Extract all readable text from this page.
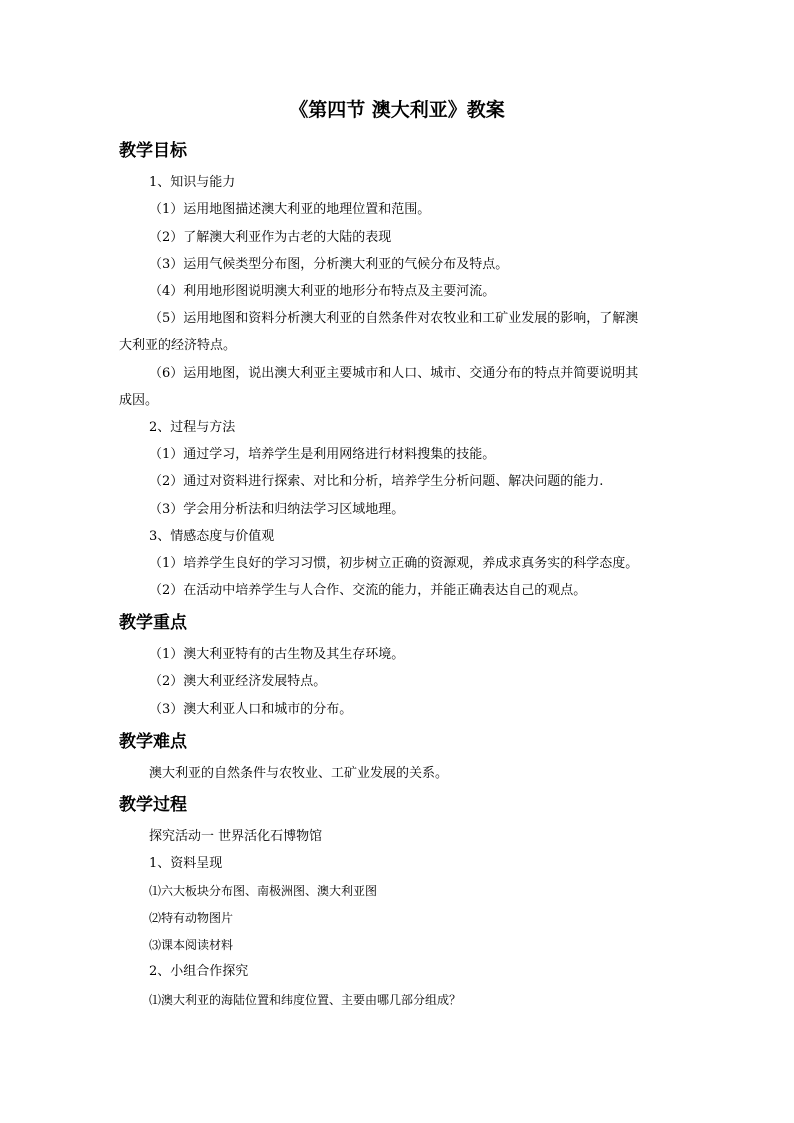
《第四节 澳大利亚》教案
教学目标
1、知识与能力
（1）运用地图描述澳大利亚的地理位置和范围。
（2）了解澳大利亚作为古老的大陆的表现
（3）运用气候类型分布图，分析澳大利亚的气候分布及特点。
（4）利用地形图说明澳大利亚的地形分布特点及主要河流。
（5）运用地图和资料分析澳大利亚的自然条件对农牧业和工矿业发展的影响，了解澳
大利亚的经济特点。
（6）运用地图，说出澳大利亚主要城市和人口、城市、交通分布的特点并简要说明其
成因。
2、过程与方法
（1）通过学习，培养学生是利用网络进行材料搜集的技能。
（2）通过对资料进行探索、对比和分析，培养学生分析问题、解决问题的能力.
（3）学会用分析法和归纳法学习区域地理。
3、情感态度与价值观
（1）培养学生良好的学习习惯，初步树立正确的资源观，养成求真务实的科学态度。
（2）在活动中培养学生与人合作、交流的能力，并能正确表达自己的观点。
教学重点
（1）澳大利亚特有的古生物及其生存环境。
（2）澳大利亚经济发展特点。
（3）澳大利亚人口和城市的分布。
教学难点
澳大利亚的自然条件与农牧业、工矿业发展的关系。
教学过程
探究活动一 世界活化石博物馆
1、资料呈现
⑴六大板块分布图、南极洲图、澳大利亚图
⑵特有动物图片
⑶课本阅读材料
2、小组合作探究
⑴澳大利亚的海陆位置和纬度位置、主要由哪几部分组成？
